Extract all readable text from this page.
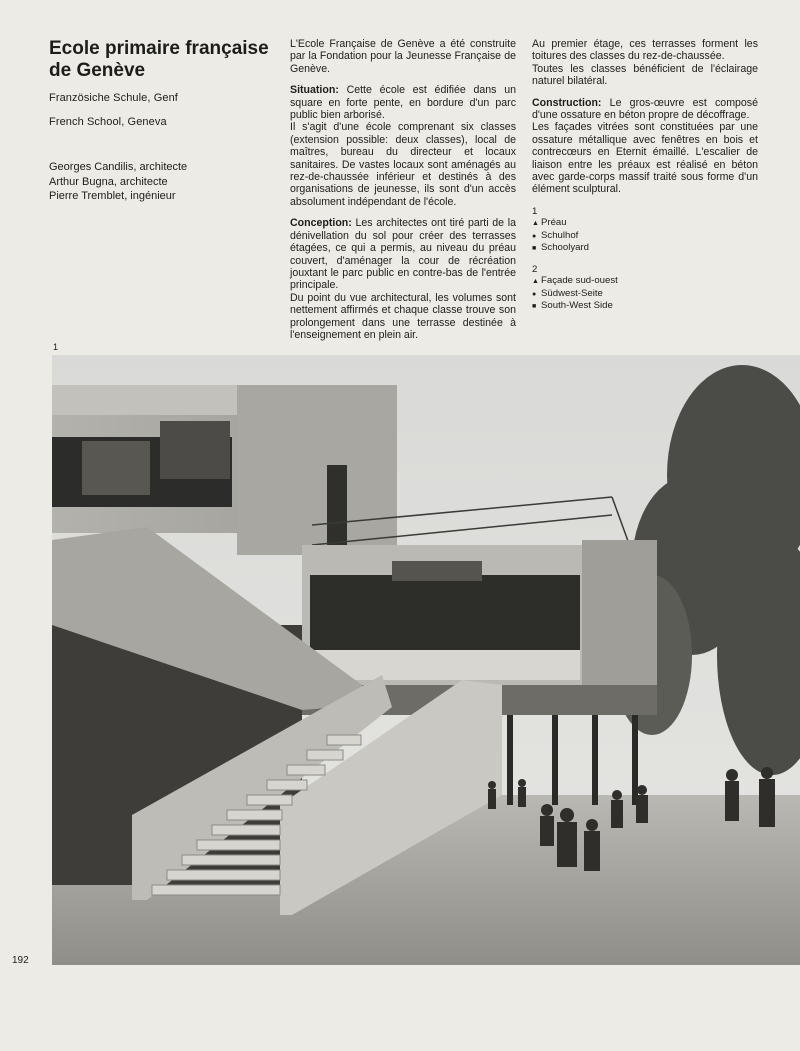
Ecole primaire française
de Genève
Französiche Schule, Genf
French School, Geneva
Georges Candilis, architecte
Arthur Bugna, architecte
Pierre Tremblet, ingénieur

L'Ecole Française de Genève a été construite par la Fondation pour la Jeunesse Française de Genève.

Situation: Cette école est édifiée dans un square en forte pente, en bordure d'un parc public bien arborisé.

Il s'agit d'une école comprenant six classes (extension possible: deux classes), local de maîtres, bureau du directeur et locaux sanitaires. De vastes locaux sont aménagés au rez-de-chaussée inférieur et destinés à des organisations de jeunesse, ils sont d'un accès absolument indépendant de l'école.

Conception: Les architectes ont tiré parti de la dénivellation du sol pour créer des terrasses étagées, ce qui a permis, au niveau du préau couvert, d'aménager la cour de récréation jouxtant le parc public en contre-bas de l'entrée principale.

Du point du vue architectural, les volumes sont nettement affirmés et chaque classe trouve son prolongement dans une terrasse destinée à l'enseignement en plein air.

Au premier étage, ces terrasses forment les toitures des classes du rez-de-chaussée.

Toutes les classes bénéficient de l'éclairage naturel bilatéral.

Construction: Le gros-œuvre est composé d'une ossature en béton propre de décoffrage.

Les façades vitrées sont constituées par une ossature métallique avec fenêtres en bois et contrecœurs en Eternit émaillé. L'escalier de liaison entre les préaux est réalisé en béton avec garde-corps massif traité sous forme d'un élément sculptural.

1
▲ Préau
● Schulhof
■ Schoolyard
2
▲ Façade sud-ouest
● Südwest-Seite
■ South-West Side
1
192
